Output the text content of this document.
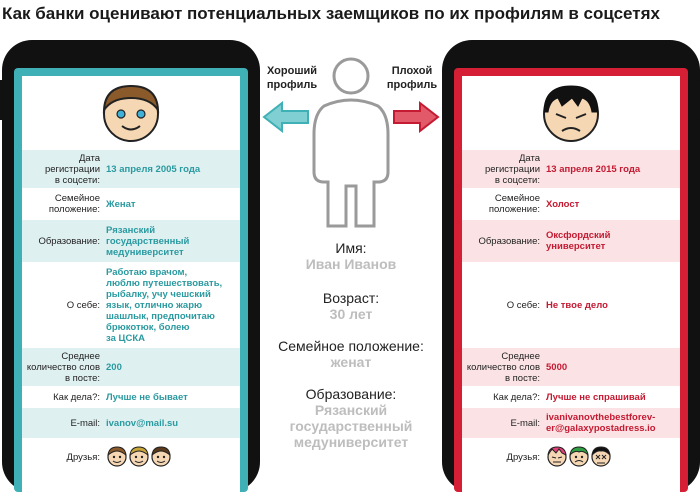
Как банки оценивают потенциальных заемщиков по их профилям в соцсетях
Дата
регистрации
в соцсети:
13 апреля 2005 года
Семейное
положение: Женат
Образование:
Рязанский
государственный
медуниверситет
О себе:
Работаю врачом,
люблю путешествовать,
рыбалку, учу чешский
язык, отлично жарю
шашлык, предпочитаю
брюкотюк, болею
за ЦСКА
Среднее
количество слов
в посте:
200
Как дела?: Лучше не бывает
E-mail: ivanov@mail.su
Друзья:
Дата
регистрации
в соцсети:
13 апреля 2015 года
Семейное
положение: Холост
Образование: Оксфордский
университет
О себе: Не твое дело
Среднее
количество слов
в посте:
5000
Как дела?: Лучше не спрашивай
E-mail: ivanivanovthebestforev-
er@galaxypostadress.io
Друзья:
Хороший
профиль
Плохой
профиль
Имя:
Иван Иванов
Возраст:
30 лет
Семейное положение:
женат
Образование:
Рязанский
государственный
медуниверситет
